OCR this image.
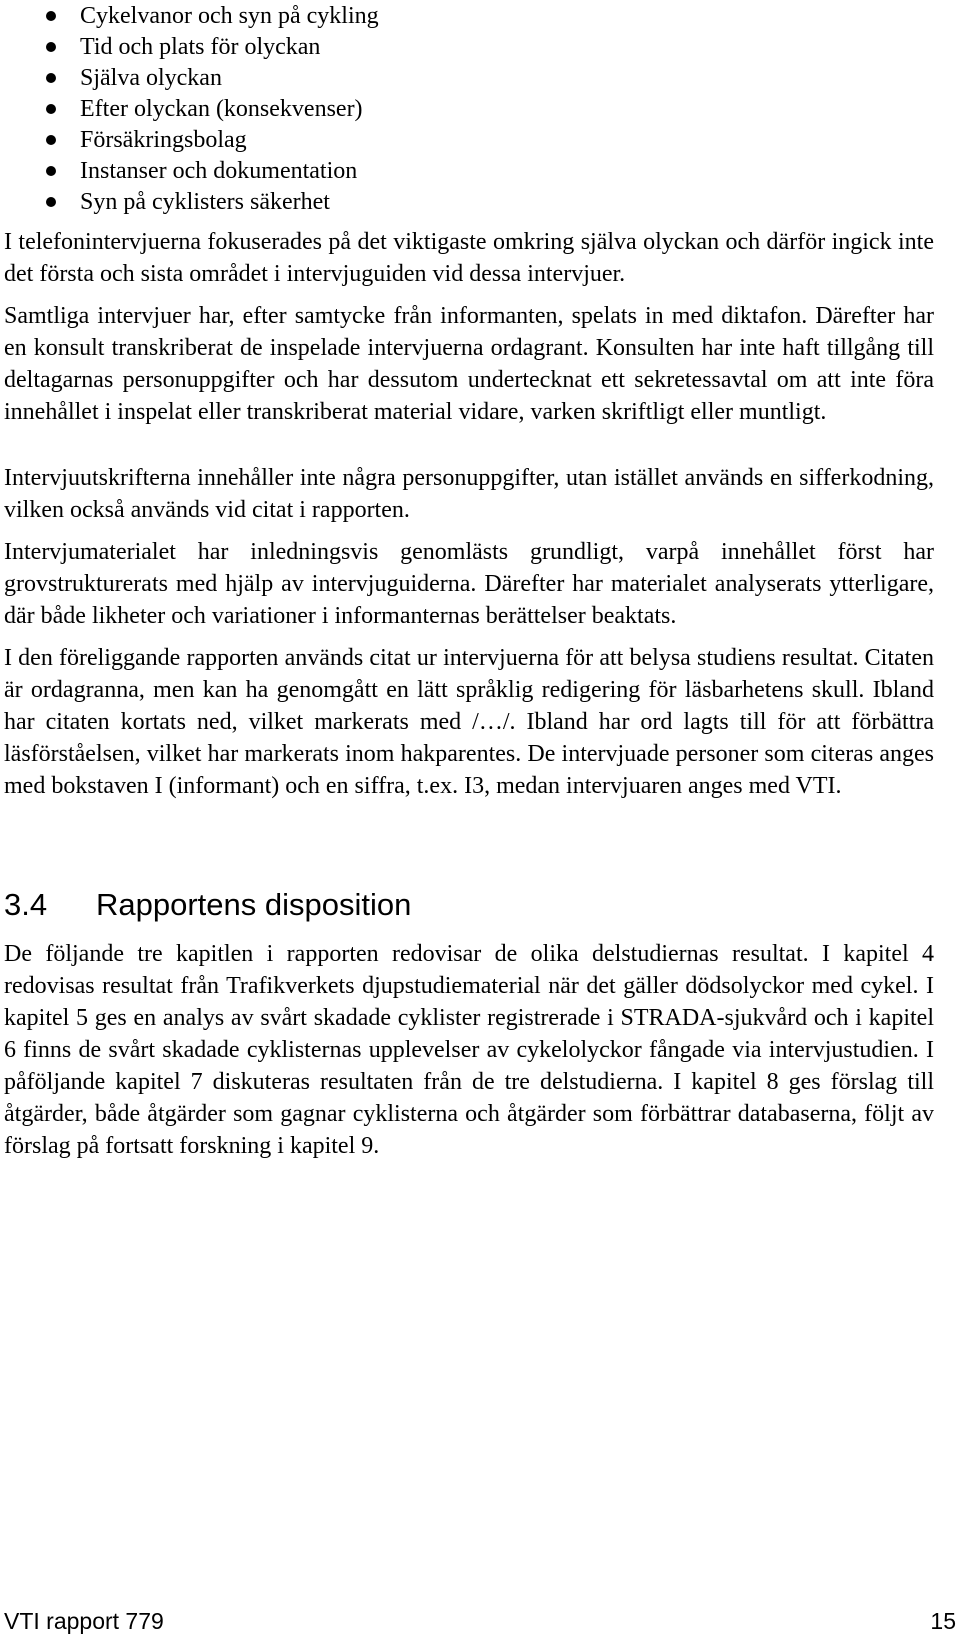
Cykelvanor och syn på cykling
Tid och plats för olyckan
Själva olyckan
Efter olyckan (konsekvenser)
Försäkringsbolag
Instanser och dokumentation
Syn på cyklisters säkerhet

I telefonintervjuerna fokuserades på det viktigaste omkring själva olyckan och därför ingick inte det första och sista området i intervjuguiden vid dessa intervjuer.

Samtliga intervjuer har, efter samtycke från informanten, spelats in med diktafon. Därefter har en konsult transkriberat de inspelade intervjuerna ordagrant. Konsulten har inte haft tillgång till deltagarnas personuppgifter och har dessutom undertecknat ett sekretessavtal om att inte föra innehållet i inspelat eller transkriberat material vidare, varken skriftligt eller muntligt.

Intervjuutskrifterna innehåller inte några personuppgifter, utan istället används en sifferkodning, vilken också används vid citat i rapporten.

Intervjumaterialet har inledningsvis genomlästs grundligt, varpå innehållet först har grovstrukturerats med hjälp av intervjuguiderna. Därefter har materialet analyserats ytterligare, där både likheter och variationer i informanternas berättelser beaktats.

I den föreliggande rapporten används citat ur intervjuerna för att belysa studiens resultat. Citaten är ordagranna, men kan ha genomgått en lätt språklig redigering för läsbarhetens skull. Ibland har citaten kortats ned, vilket markerats med /…/. Ibland har ord lagts till för att förbättra läsförståelsen, vilket har markerats inom hakparentes. De intervjuade personer som citeras anges med bokstaven I (informant) och en siffra, t.ex. I3, medan intervjuaren anges med VTI.

3.4 Rapportens disposition

De följande tre kapitlen i rapporten redovisar de olika delstudiernas resultat. I kapitel 4 redovisas resultat från Trafikverkets djupstudiematerial när det gäller dödsolyckor med cykel. I kapitel 5 ges en analys av svårt skadade cyklister registrerade i STRADA-sjukvård och i kapitel 6 finns de svårt skadade cyklisternas upplevelser av cykelolyckor fångade via intervjustudien. I påföljande kapitel 7 diskuteras resultaten från de tre delstudierna. I kapitel 8 ges förslag till åtgärder, både åtgärder som gagnar cyklisterna och åtgärder som förbättrar databaserna, följt av förslag på fortsatt forskning i kapitel 9.

VTI rapport 779	15
